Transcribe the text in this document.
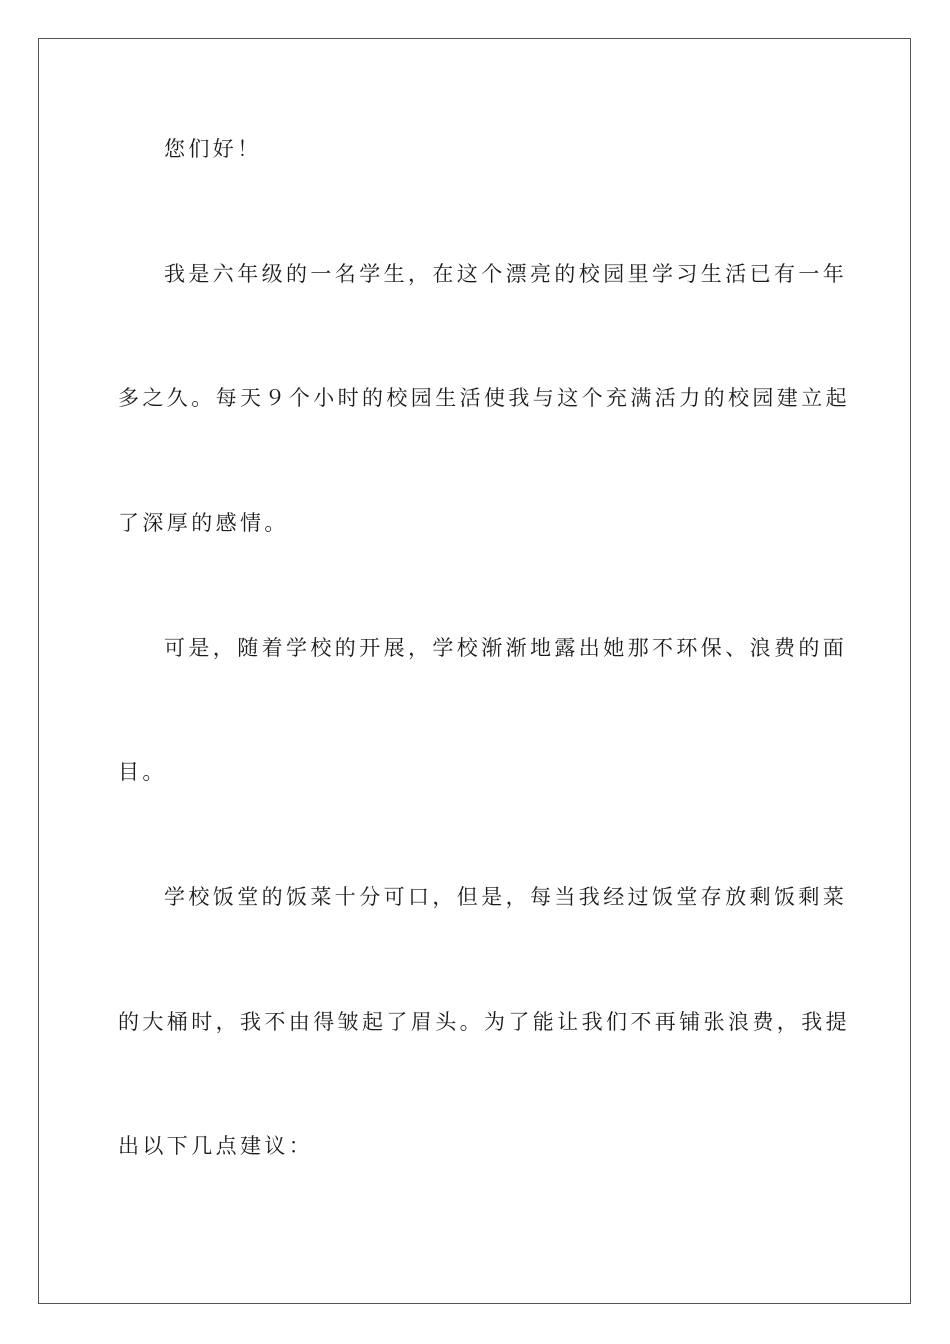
您们好！
我是六年级的一名学生，在这个漂亮的校园里学习生活已有一年
多之久。每天９个小时的校园生活使我与这个充满活力的校园建立起
了深厚的感情。
可是，随着学校的开展，学校渐渐地露出她那不环保、浪费的面
目。
学校饭堂的饭菜十分可口，但是，每当我经过饭堂存放剩饭剩菜
的大桶时，我不由得皱起了眉头。为了能让我们不再铺张浪费，我提
出以下几点建议：
